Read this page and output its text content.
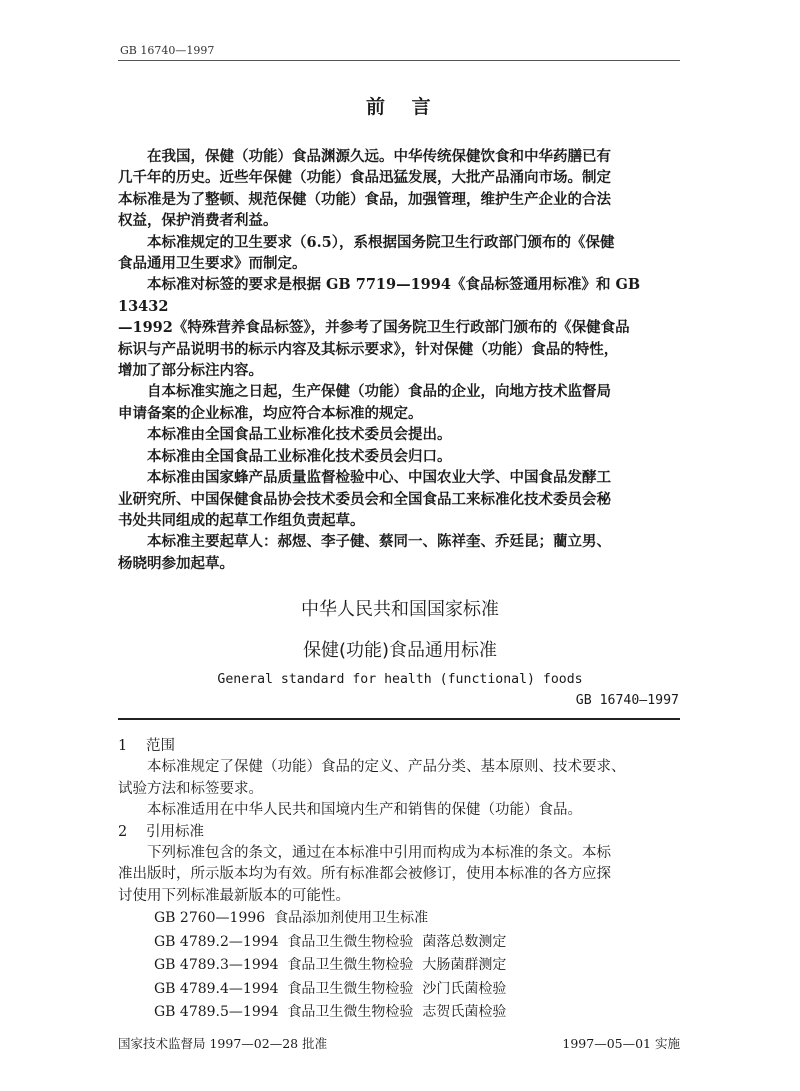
GB 16740—1997
前 言

在我国，保健（功能）食品渊源久远。中华传统保健饮食和中华药膳已有
几千年的历史。近些年保健（功能）食品迅猛发展，大批产品涌向市场。制定
本标准是为了整顿、规范保健（功能）食品，加强管理，维护生产企业的合法
权益，保护消费者利益。

本标准规定的卫生要求（6.5），系根据国务院卫生行政部门颁布的《保健
食品通用卫生要求》而制定。

本标准对标签的要求是根据 GB 7719—1994《食品标签通用标准》和 GB 13432
—1992《特殊营养食品标签》，并参考了国务院卫生行政部门颁布的《保健食品
标识与产品说明书的标示内容及其标示要求》，针对保健（功能）食品的特性，
增加了部分标注内容。

自本标准实施之日起，生产保健（功能）食品的企业，向地方技术监督局
申请备案的企业标准，均应符合本标准的规定。

本标准由全国食品工业标准化技术委员会提出。

本标准由全国食品工业标准化技术委员会归口。

本标准由国家蜂产品质量监督检验中心、中国农业大学、中国食品发酵工
业研究所、中国保健食品协会技术委员会和全国食品工来标准化技术委员会秘
书处共同组成的起草工作组负责起草。

本标准主要起草人：郝煜、李子健、蔡同一、陈祥奎、乔廷昆；藺立男、
杨晓明参加起草。

中华人民共和国国家标准
保健(功能)食品通用标准
General standard for health (functional) foods
GB 16740—1997

1 范围

本标准规定了保健（功能）食品的定义、产品分类、基本原则、技术要求、
试验方法和标签要求。

本标准适用在中华人民共和国境内生产和销售的保健（功能）食品。

2 引用标准

下列标准包含的条文，通过在本标准中引用而构成为本标准的条文。本标
准出版时，所示版本均为有效。所有标准都会被修订，使用本标准的各方应探
讨使用下列标准最新版本的可能性。

GB 2760—1996  食品添加剂使用卫生标准

GB 4789.2—1994  食品卫生微生物检验  菌落总数测定

GB 4789.3—1994  食品卫生微生物检验  大肠菌群测定

GB 4789.4—1994  食品卫生微生物检验  沙门氏菌检验

GB 4789.5—1994  食品卫生微生物检验  志贺氏菌检验

国家技术监督局 1997—02—28 批准	1997—05—01 实施
